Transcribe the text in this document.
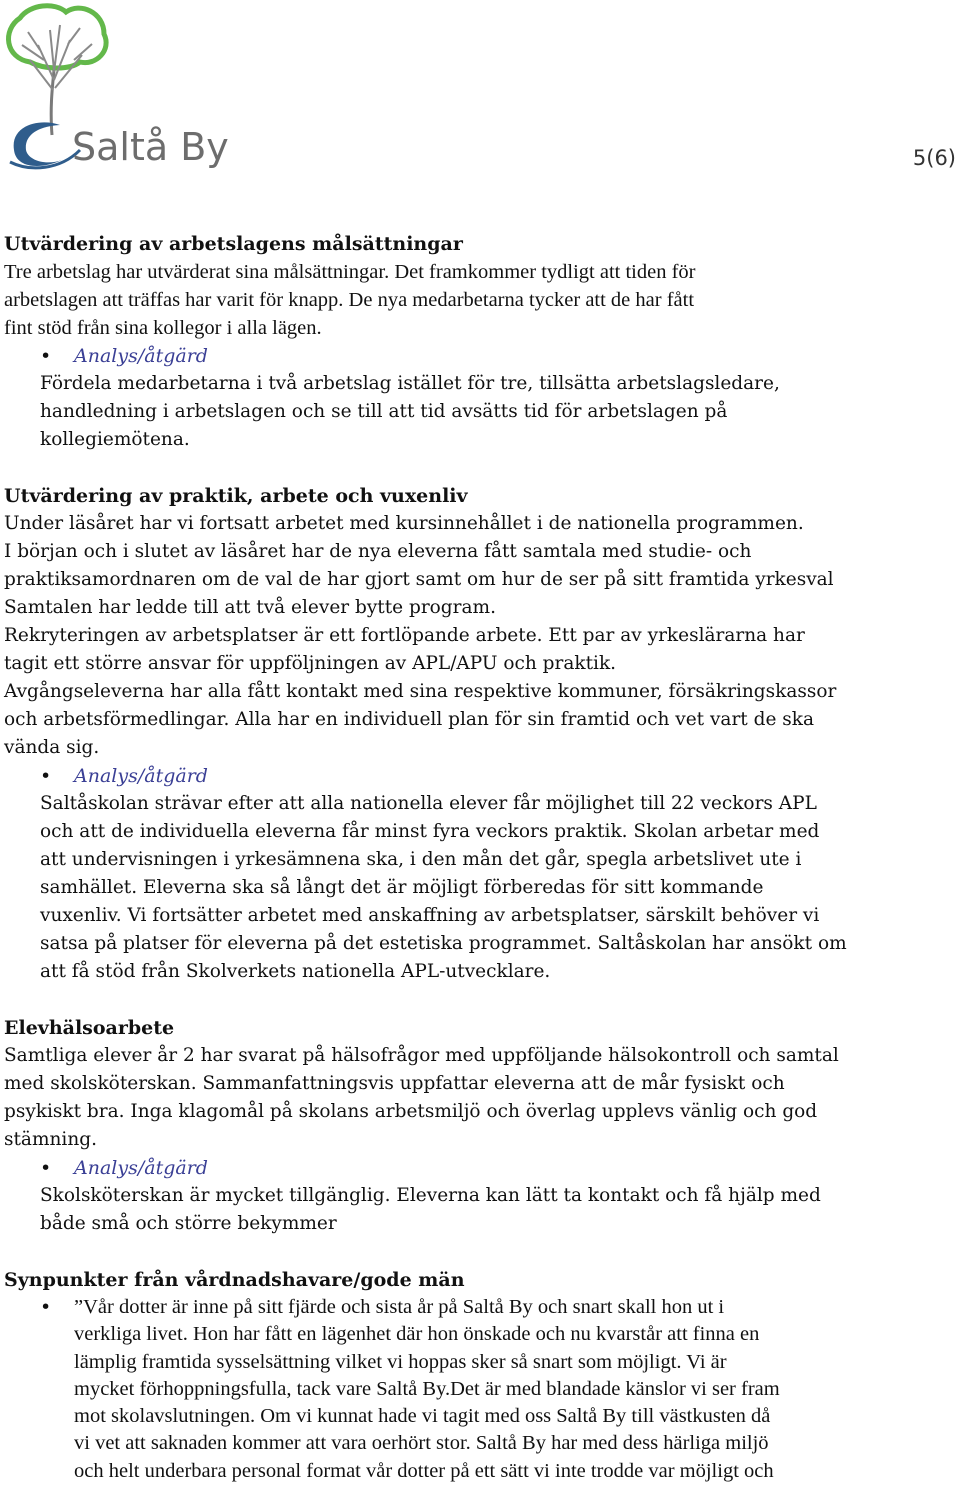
Saltå By	5(6)
Utvärdering av arbetslagens målsättningar
Tre arbetslag har utvärderat sina målsättningar. Det framkommer tydligt att tiden för
arbetslagen att träffas har varit för knapp. De nya medarbetarna tycker att de har fått
fint stöd från sina kollegor i alla lägen.
• Analys/åtgärd
Fördela medarbetarna i två arbetslag istället för tre, tillsätta arbetslagsledare,
handledning i arbetslagen och se till att tid avsätts tid för arbetslagen på
kollegiemötena.
Utvärdering av praktik, arbete och vuxenliv
Under läsåret har vi fortsatt arbetet med kursinnehållet i de nationella programmen.
I början och i slutet av läsåret har de nya eleverna fått samtala med studie- och
praktiksamordnaren om de val de har gjort samt om hur de ser på sitt framtida yrkesval
Samtalen har ledde till att två elever bytte program.
Rekryteringen av arbetsplatser är ett fortlöpande arbete. Ett par av yrkeslärarna har
tagit ett större ansvar för uppföljningen av APL/APU och praktik.
Avgångseleverna har alla fått kontakt med sina respektive kommuner, försäkringskassor
och arbetsförmedlingar. Alla har en individuell plan för sin framtid och vet vart de ska
vända sig.
• Analys/åtgärd
Saltåskolan strävar efter att alla nationella elever får möjlighet till 22 veckors APL
och att de individuella eleverna får minst fyra veckors praktik. Skolan arbetar med
att undervisningen i yrkesämnena ska, i den mån det går, spegla arbetslivet ute i
samhället. Eleverna ska så långt det är möjligt förberedas för sitt kommande
vuxenliv. Vi fortsätter arbetet med anskaffning av arbetsplatser, särskilt behöver vi
satsa på platser för eleverna på det estetiska programmet. Saltåskolan har ansökt om
att få stöd från Skolverkets nationella APL-utvecklare.
Elevhälsoarbete
Samtliga elever år 2 har svarat på hälsofrågor med uppföljande hälsokontroll och samtal
med skolsköterskan. Sammanfattningsvis uppfattar eleverna att de mår fysiskt och
psykiskt bra. Inga klagomål på skolans arbetsmiljö och överlag upplevs vänlig och god
stämning.
• Analys/åtgärd
Skolsköterskan är mycket tillgänglig. Eleverna kan lätt ta kontakt och få hjälp med
både små och större bekymmer
Synpunkter från vårdnadshavare/gode män
• ”Vår dotter är inne på sitt fjärde och sista år på Saltå By och snart skall hon ut i
verkliga livet. Hon har fått en lägenhet där hon önskade och nu kvarstår att finna en
lämplig framtida sysselsättning vilket vi hoppas sker så snart som möjligt. Vi är
mycket förhoppningsfulla, tack vare Saltå By.Det är med blandade känslor vi ser fram
mot skolavslutningen. Om vi kunnat hade vi tagit med oss Saltå By till västkusten då
vi vet att saknaden kommer att vara oerhört stor. Saltå By har med dess härliga miljö
och helt underbara personal format vår dotter på ett sätt vi inte trodde var möjligt och
